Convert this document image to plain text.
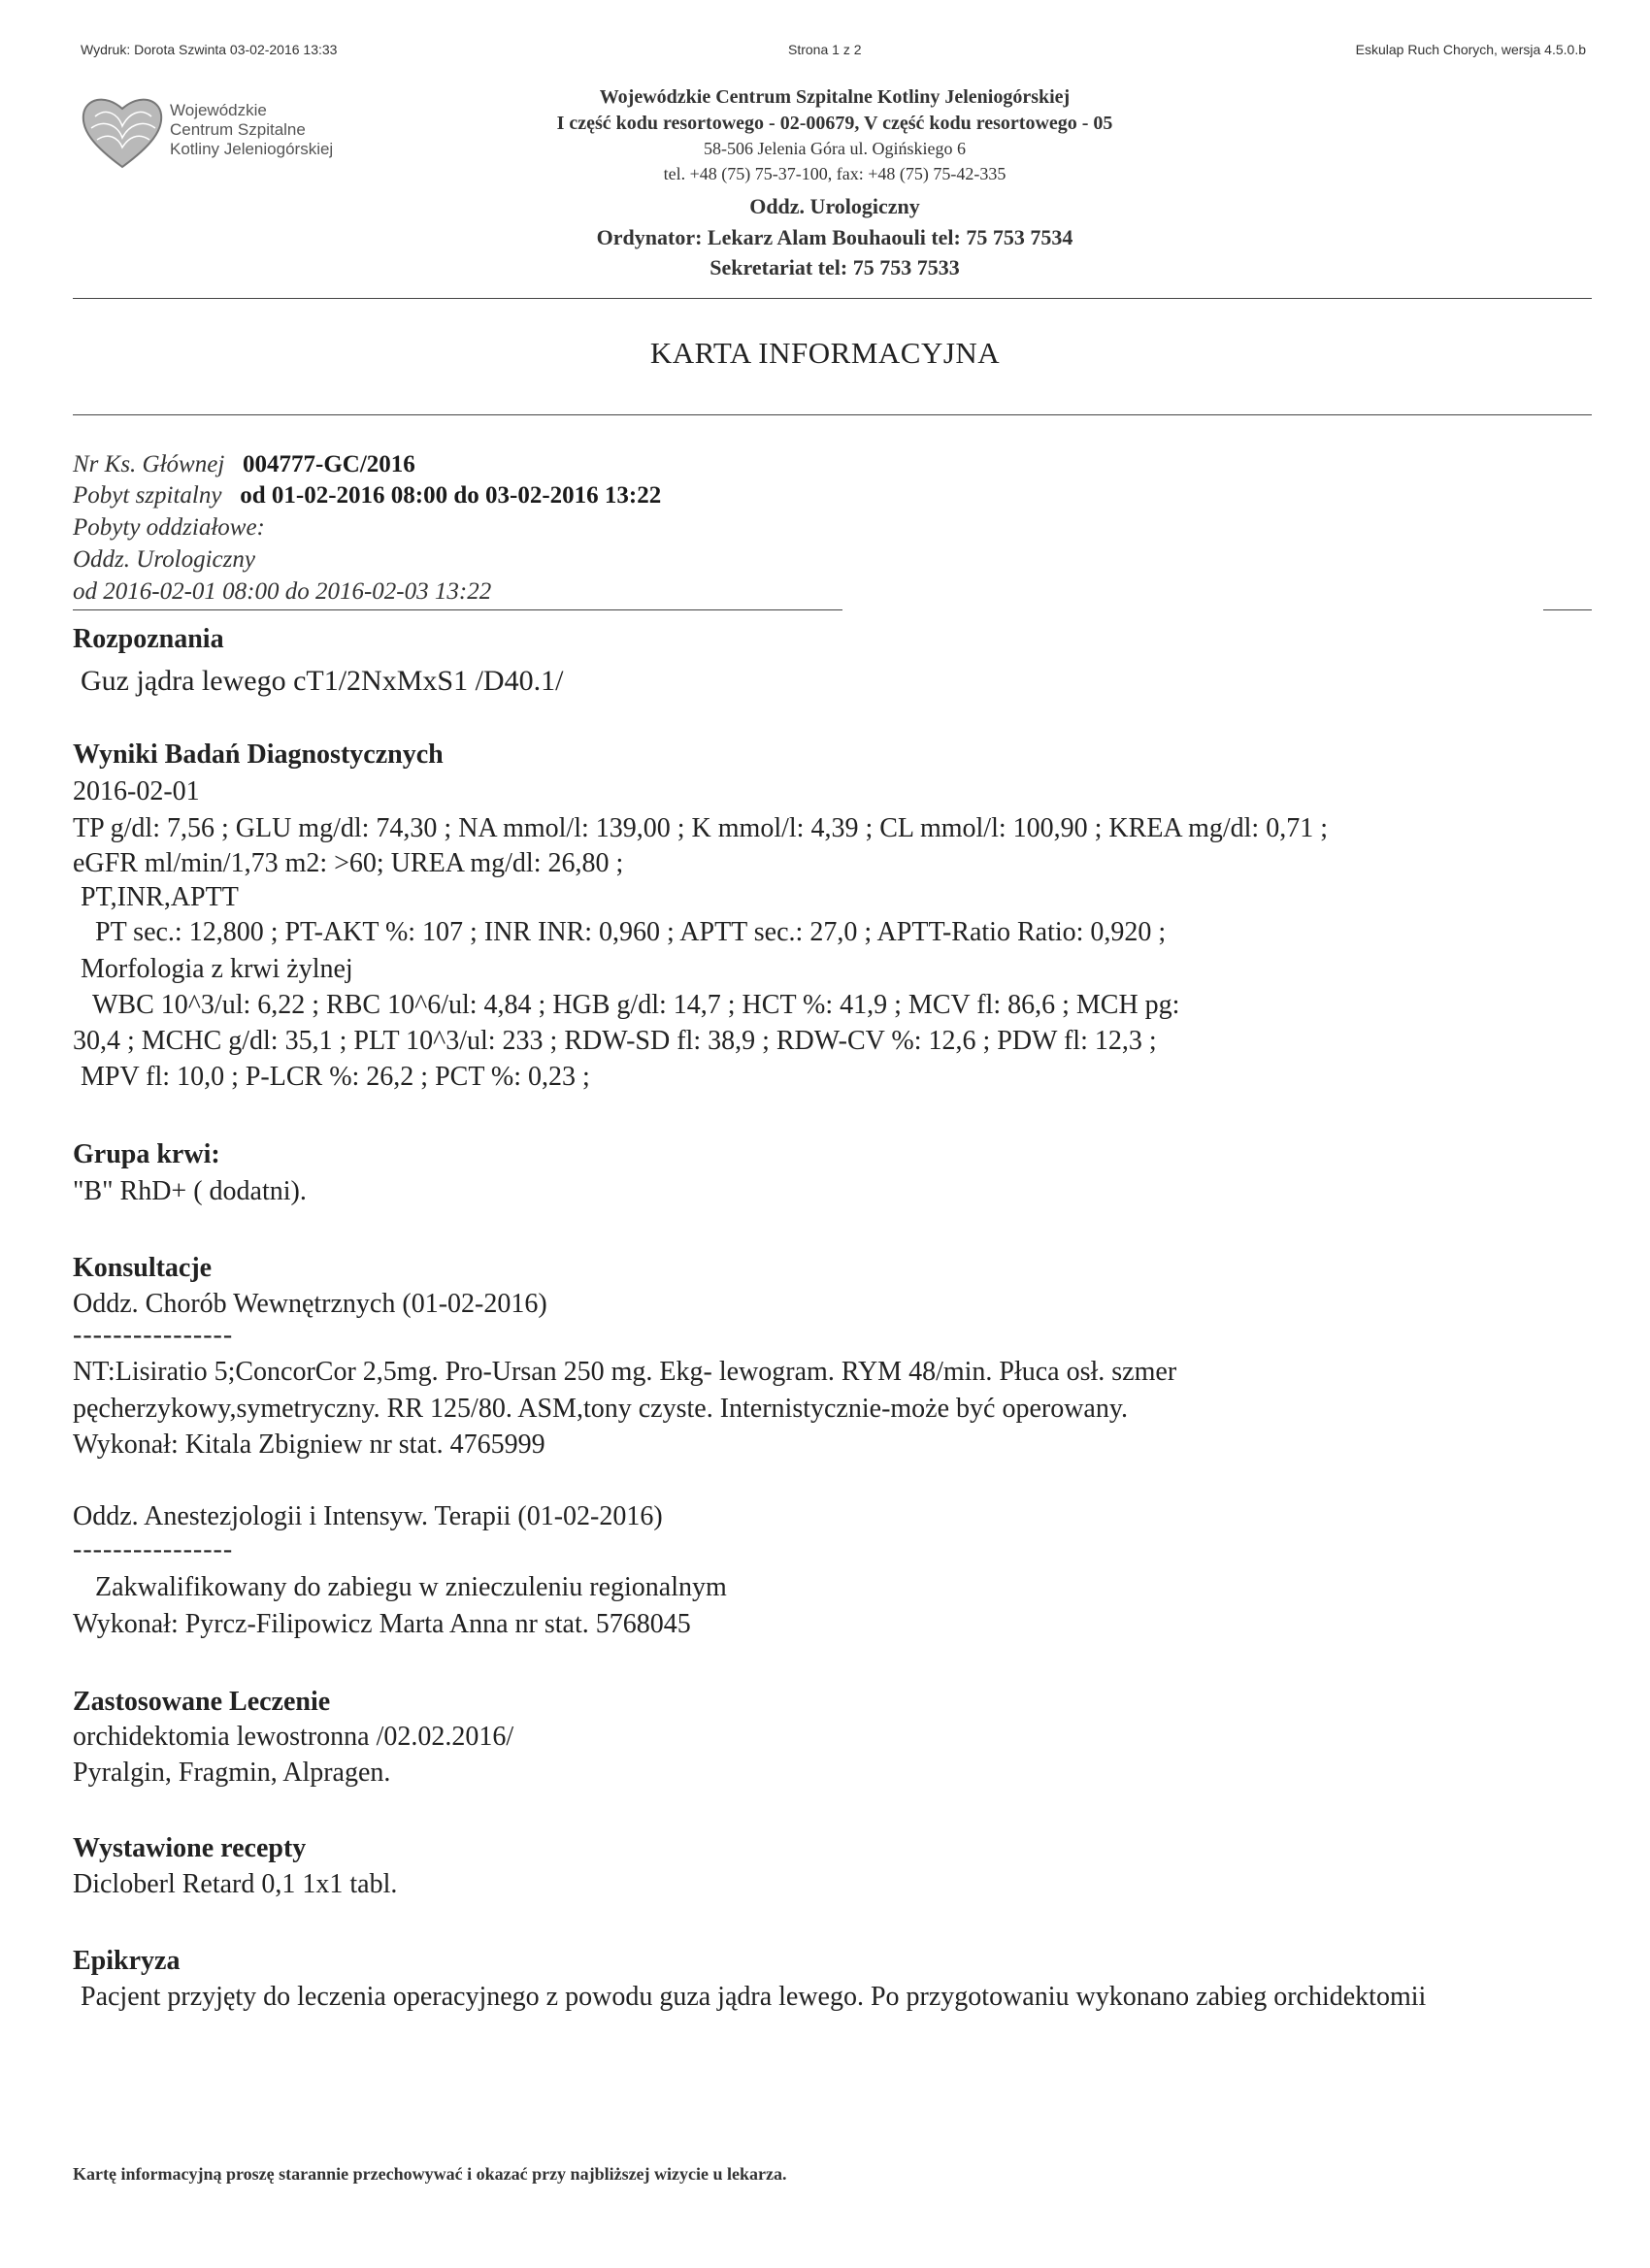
Wydruk: Dorota Szwinta 03-02-2016 13:33	Strona 1 z 2	Eskulap Ruch Chorych, wersja 4.5.0.b
Wojewódzkie
Centrum Szpitalne
Kotliny Jeleniogórskiej
Wojewódzkie Centrum Szpitalne Kotliny Jeleniogórskiej
I część kodu resortowego - 02-00679, V część kodu resortowego - 05
58-506 Jelenia Góra ul. Ogińskiego 6
tel. +48 (75) 75-37-100, fax: +48 (75) 75-42-335
Oddz. Urologiczny
Ordynator: Lekarz Alam Bouhaouli tel: 75 753 7534
Sekretariat tel: 75 753 7533
KARTA INFORMACYJNA
Nr Ks. Głównej 004777-GC/2016
Pobyt szpitalny od 01-02-2016 08:00 do 03-02-2016 13:22
Pobyty oddziałowe:
Oddz. Urologiczny
od 2016-02-01 08:00 do 2016-02-03 13:22
Rozpoznania
Guz jądra lewego cT1/2NxMxS1 /D40.1/
Wyniki Badań Diagnostycznych
2016-02-01
TP g/dl: 7,56 ; GLU mg/dl: 74,30 ; NA mmol/l: 139,00 ; K mmol/l: 4,39 ; CL mmol/l: 100,90 ; KREA mg/dl: 0,71 ;
eGFR ml/min/1,73 m2: >60; UREA mg/dl: 26,80 ;
PT,INR,APTT
PT sec.: 12,800 ; PT-AKT %: 107 ; INR INR: 0,960 ; APTT sec.: 27,0 ; APTT-Ratio Ratio: 0,920 ;
Morfologia z krwi żylnej
WBC 10^3/ul: 6,22 ; RBC 10^6/ul: 4,84 ; HGB g/dl: 14,7 ; HCT %: 41,9 ; MCV fl: 86,6 ; MCH pg:
30,4 ; MCHC g/dl: 35,1 ; PLT 10^3/ul: 233 ; RDW-SD fl: 38,9 ; RDW-CV %: 12,6 ; PDW fl: 12,3 ;
MPV fl: 10,0 ; P-LCR %: 26,2 ; PCT %: 0,23 ;
Grupa krwi:
"B" RhD+ ( dodatni).
Konsultacje
Oddz. Chorób Wewnętrznych (01-02-2016)
----------------
NT:Lisiratio 5;ConcorCor 2,5mg. Pro-Ursan 250 mg. Ekg- lewogram. RYM 48/min. Płuca osł. szmer
pęcherzykowy,symetryczny. RR 125/80. ASM,tony czyste. Internistycznie-może być operowany.
Wykonał: Kitala Zbigniew nr stat. 4765999
Oddz. Anestezjologii i Intensyw. Terapii (01-02-2016)
----------------
Zakwalifikowany do zabiegu w znieczuleniu regionalnym
Wykonał: Pyrcz-Filipowicz Marta Anna nr stat. 5768045
Zastosowane Leczenie
orchidektomia lewostronna /02.02.2016/
Pyralgin, Fragmin, Alpragen.
Wystawione recepty
Dicloberl Retard 0,1 1x1 tabl.
Epikryza
Pacjent przyjęty do leczenia operacyjnego z powodu guza jądra lewego. Po przygotowaniu wykonano zabieg orchidektomii
Kartę informacyjną proszę starannie przechowywać i okazać przy najbliższej wizycie u lekarza.
